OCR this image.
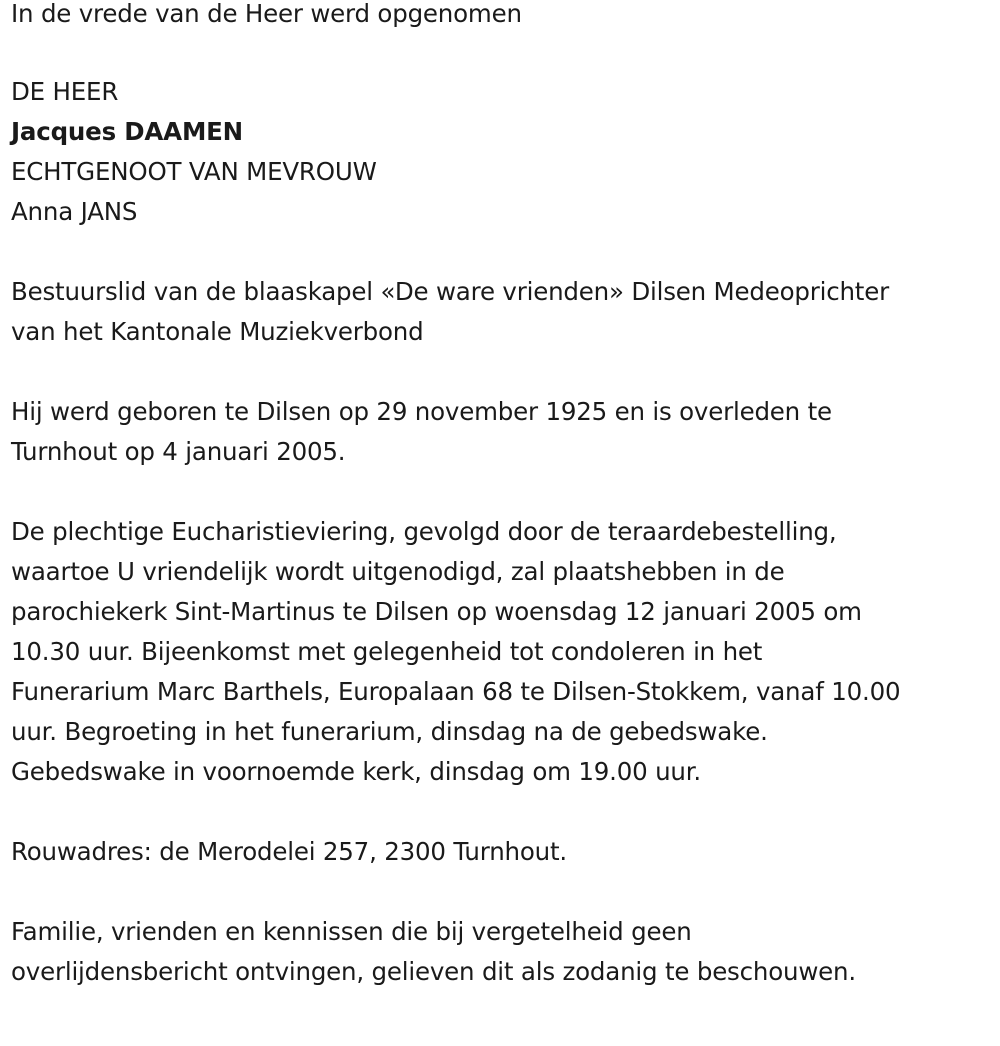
In de vrede van de Heer werd opgenomen

DE HEER

Jacques DAAMEN

ECHTGENOOT VAN MEVROUW

Anna JANS

Bestuurslid van de blaaskapel «De ware vrienden» Dilsen Medeoprichter
van het Kantonale Muziekverbond

Hij werd geboren te Dilsen op 29 november 1925 en is overleden te
Turnhout op 4 januari 2005.

De plechtige Eucharistieviering, gevolgd door de teraardebestelling,
waartoe U vriendelijk wordt uitgenodigd, zal plaatshebben in de
parochiekerk Sint-Martinus te Dilsen op woensdag 12 januari 2005 om
10.30 uur. Bijeenkomst met gelegenheid tot condoleren in het
Funerarium Marc Barthels, Europalaan 68 te Dilsen-Stokkem, vanaf 10.00
uur. Begroeting in het funerarium, dinsdag na de gebedswake.
Gebedswake in voornoemde kerk, dinsdag om 19.00 uur.

Rouwadres: de Merodelei 257, 2300 Turnhout.

Familie, vrienden en kennissen die bij vergetelheid geen
overlijdensbericht ontvingen, gelieven dit als zodanig te beschouwen.
